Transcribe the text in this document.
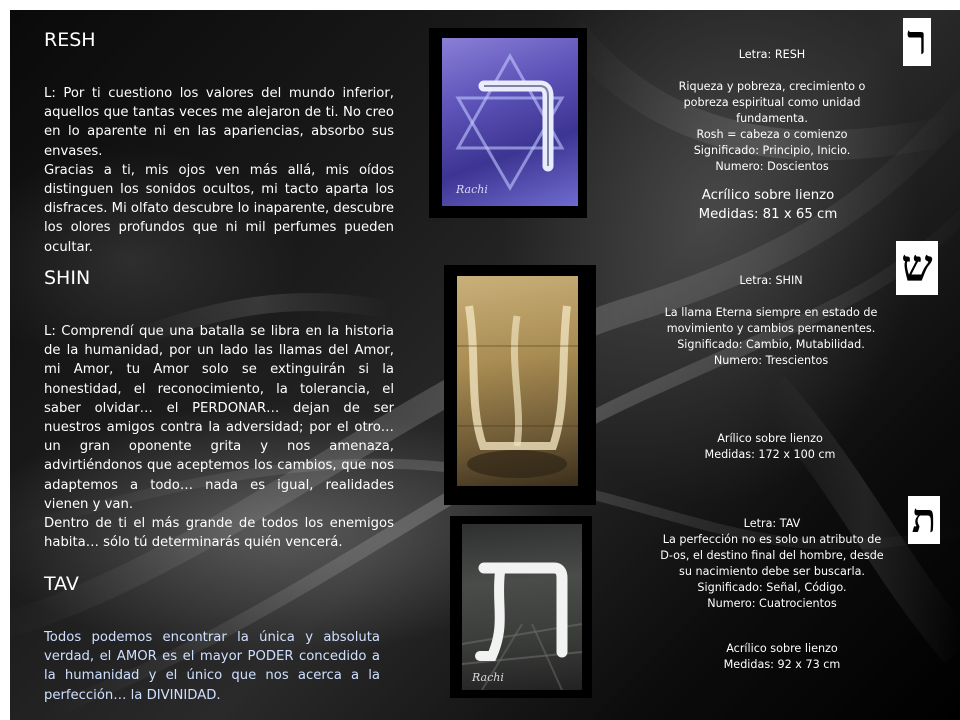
RESH

L: Por ti cuestiono los valores del mundo inferior, aquellos que tantas veces me alejaron de ti. No creo en lo aparente ni en las apariencias, absorbo sus envases.

Gracias a ti, mis ojos ven más allá, mis oídos distinguen los sonidos ocultos, mi tacto aparta los disfraces. Mi olfato descubre lo inaparente, descubre los olores profundos que ni mil perfumes pueden ocultar.

Rachi

Letra: RESH

Riqueza y pobreza, crecimiento o pobreza espiritual como unidad fundamenta.

Rosh = cabeza o comienzo

Significado: Principio, Inicio.

Numero: Doscientos

Acrílico sobre lienzo

Medidas: 81 x 65 cm

ר
SHIN

L: Comprendí que una batalla se libra en la historia de la humanidad, por un lado las llamas del Amor, mi Amor, tu Amor solo se extinguirán si la honestidad, el reconocimiento, la tolerancia, el saber olvidar… el PERDONAR… dejan de ser nuestros amigos contra la adversidad; por el otro…un gran oponente grita y nos amenaza, advirtiéndonos que aceptemos los cambios, que nos adaptemos a todo… nada es igual, realidades vienen y van.

Dentro de ti el más grande de todos los enemigos habita… sólo tú determinarás quién vencerá.

Letra: SHIN

La llama Eterna siempre en estado de movimiento y cambios permanentes.

Significado: Cambio, Mutabilidad.

Numero: Trescientos

Arílico sobre lienzo

Medidas: 172 x 100 cm

ש
TAV

Todos podemos encontrar la única y absoluta verdad, el AMOR es el mayor PODER concedido a la humanidad y el único que nos acerca a la perfección… la DIVINIDAD.

Rachi

Letra: TAV

La perfección no es solo un atributo de D-os, el destino final del hombre, desde su nacimiento debe ser buscarla.

Significado: Señal, Código.

Numero: Cuatrocientos

Acrílico sobre lienzo

Medidas: 92 x 73 cm

ת
